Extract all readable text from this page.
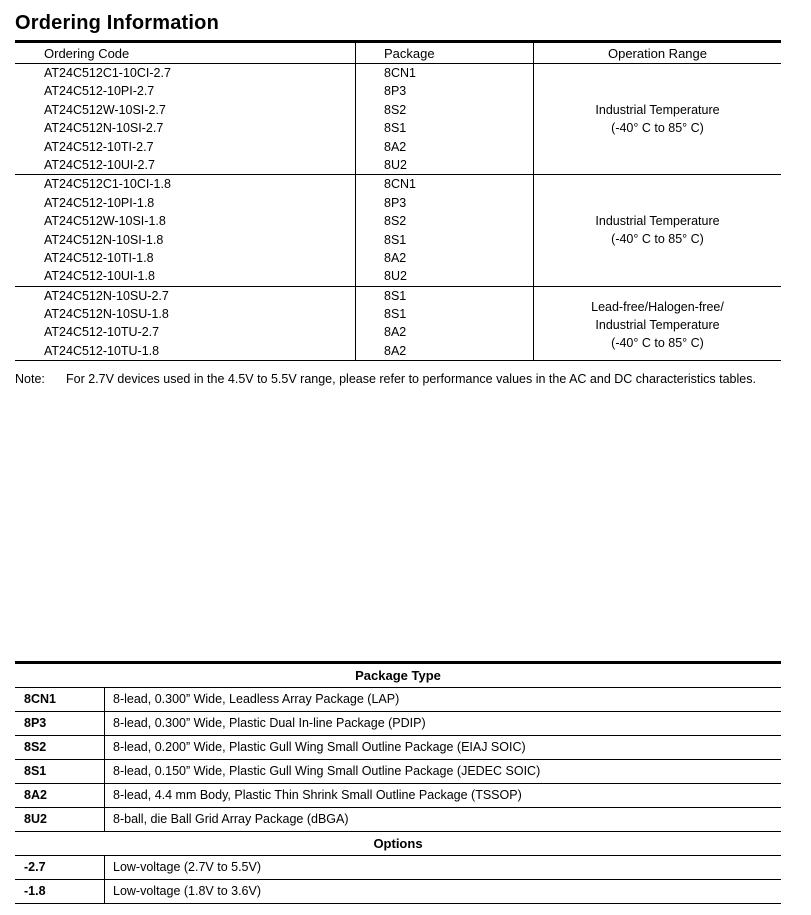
Ordering Information
Ordering Code	Package	Operation Range
AT24C512C1-10CI-2.7	8CN1
AT24C512-10PI-2.7	8P3
AT24C512W-10SI-2.7	8S2
AT24C512N-10SI-2.7	8S1
AT24C512-10TI-2.7	8A2
AT24C512-10UI-2.7	8U2
Industrial Temperature
(-40° C to 85° C)
AT24C512C1-10CI-1.8	8CN1
AT24C512-10PI-1.8	8P3
AT24C512W-10SI-1.8	8S2
AT24C512N-10SI-1.8	8S1
AT24C512-10TI-1.8	8A2
AT24C512-10UI-1.8	8U2
Industrial Temperature
(-40° C to 85° C)
AT24C512N-10SU-2.7	8S1
AT24C512N-10SU-1.8	8S1
AT24C512-10TU-2.7	8A2
AT24C512-10TU-1.8	8A2
Lead-free/Halogen-free/
Industrial Temperature
(-40° C to 85° C)
Note: For 2.7V devices used in the 4.5V to 5.5V range, please refer to performance values in the AC and DC characteristics tables.
Package Type
8CN1	8-lead, 0.300” Wide, Leadless Array Package (LAP)
8P3	8-lead, 0.300” Wide, Plastic Dual In-line Package (PDIP)
8S2	8-lead, 0.200” Wide, Plastic Gull Wing Small Outline Package (EIAJ SOIC)
8S1	8-lead, 0.150” Wide, Plastic Gull Wing Small Outline Package (JEDEC SOIC)
8A2	8-lead, 4.4 mm Body, Plastic Thin Shrink Small Outline Package (TSSOP)
8U2	8-ball, die Ball Grid Array Package (dBGA)
Options
-2.7	Low-voltage (2.7V to 5.5V)
-1.8	Low-voltage (1.8V to 3.6V)
